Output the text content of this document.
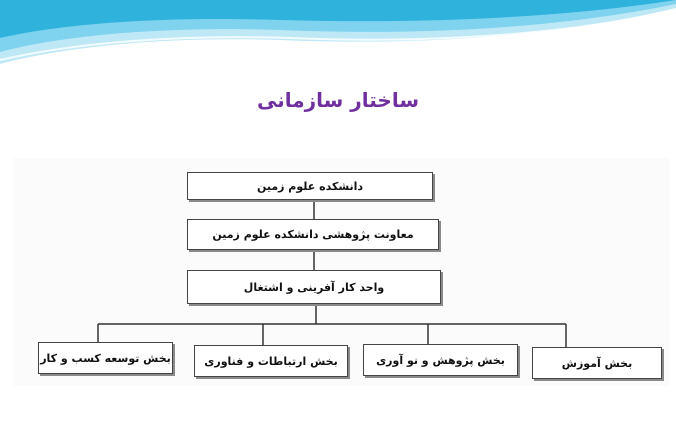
ساختار سازمانی
دانشکده علوم زمین
معاونت پژوهشی دانشکده علوم زمین
واحد کار آفرینی و اشتغال
بخش آموزش
بخش پژوهش و نو آوری
بخش ارتباطات و فناوری
بخش توسعه کسب و کار
